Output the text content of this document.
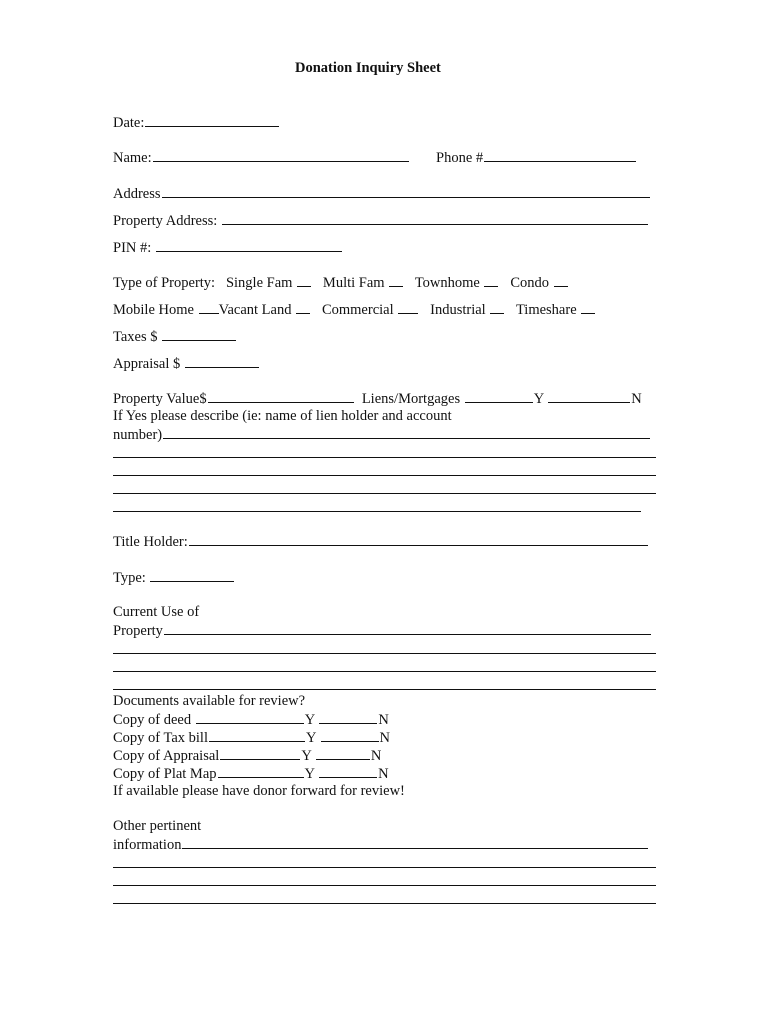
Donation Inquiry Sheet
Date:
Name:	Phone #
Address
Property Address:
PIN #:
Type of Property: Single Fam Multi Fam Townhome Condo
Mobile Home Vacant Land Commercial	Industrial Timeshare
Taxes $
Appraisal $
Property Value$	Liens/Mortgages	Y	N
If Yes please describe (ie: name of lien holder and account
number)
Title Holder:
Type:
Current Use of
Property
Documents available for review?
Copy of deed	Y	N
Copy of Tax bill	Y	N
Copy of Appraisal	Y	N
Copy of Plat Map	Y	N
If available please have donor forward for review!
Other pertinent
information
